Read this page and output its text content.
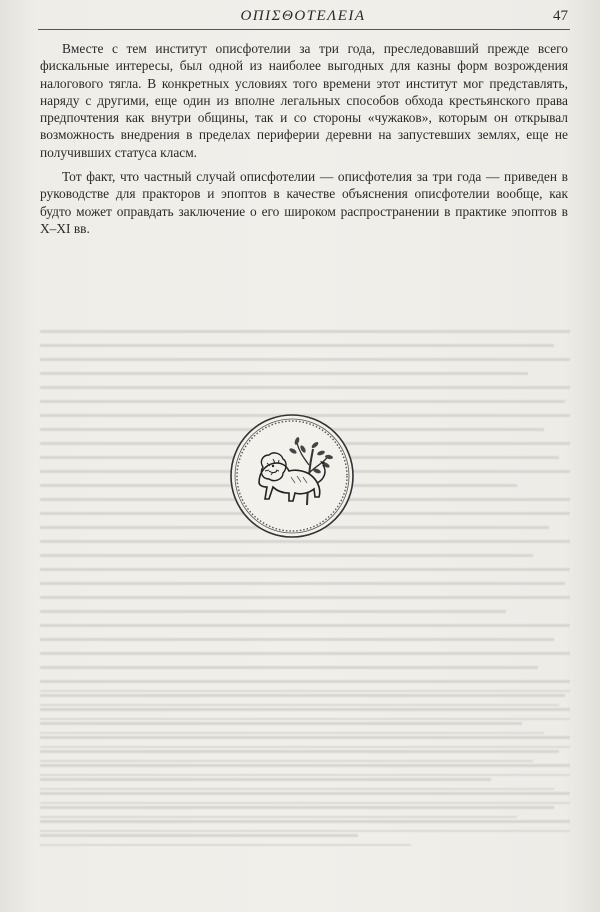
ΟΠΙΣΘΟΤΕΛΕΙΑ	47

Вместе с тем институт описфотелии за три года, преследовавший прежде всего фискальные интересы, был одной из наиболее выгодных для казны форм возрождения налогового тягла. В конкретных условиях того времени этот институт мог представлять, наряду с другими, еще один из вполне легальных способов обхода крестьянского права предпочтения как внутри общины, так и со стороны «чужаков», которым он открывал возможность внедрения в пределах периферии деревни на запустевших землях, еще не получивших статуса класм.

Тот факт, что частный случай описфотелии — описфотелия за три года — приведен в руководстве для практоров и эпоптов в качестве объяснения описфотелии вообще, как будто может оправдать заключение о его широком распространении в практике эпоптов в X–XI вв.
